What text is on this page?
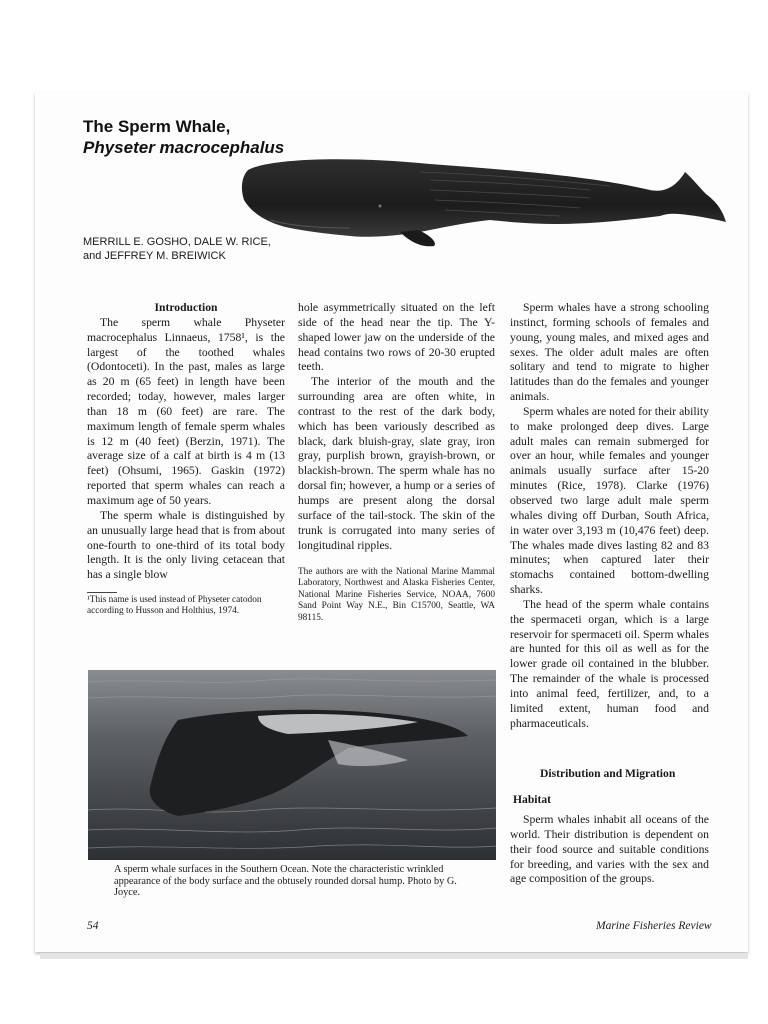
The Sperm Whale,
Physeter macrocephalus
MERRILL E. GOSHO, DALE W. RICE,
and JEFFREY M. BREIWICK

Introduction

The sperm whale Physeter macrocephalus Linnaeus, 1758¹, is the largest of the toothed whales (Odontoceti). In the past, males as large as 20 m (65 feet) in length have been recorded; today, however, males larger than 18 m (60 feet) are rare. The maximum length of female sperm whales is 12 m (40 feet) (Berzin, 1971). The average size of a calf at birth is 4 m (13 feet) (Ohsumi, 1965). Gaskin (1972) reported that sperm whales can reach a maximum age of 50 years.

The sperm whale is distinguished by an unusually large head that is from about one-fourth to one-third of its total body length. It is the only living cetacean that has a single blow

¹This name is used instead of Physeter catodon according to Husson and Holthius, 1974.

hole asymmetrically situated on the left side of the head near the tip. The Y-shaped lower jaw on the underside of the head contains two rows of 20-30 erupted teeth.

The interior of the mouth and the surrounding area are often white, in contrast to the rest of the dark body, which has been variously described as black, dark bluish-gray, slate gray, iron gray, purplish brown, grayish-brown, or blackish-brown. The sperm whale has no dorsal fin; however, a hump or a series of humps are present along the dorsal surface of the tail-stock. The skin of the trunk is corrugated into many series of longitudinal ripples.

The authors are with the National Marine Mammal Laboratory, Northwest and Alaska Fisheries Center, National Marine Fisheries Service, NOAA, 7600 Sand Point Way N.E., Bin C15700, Seattle, WA 98115.

Sperm whales have a strong schooling instinct, forming schools of females and young, young males, and mixed ages and sexes. The older adult males are often solitary and tend to migrate to higher latitudes than do the females and younger animals.

Sperm whales are noted for their ability to make prolonged deep dives. Large adult males can remain submerged for over an hour, while females and younger animals usually surface after 15-20 minutes (Rice, 1978). Clarke (1976) observed two large adult male sperm whales diving off Durban, South Africa, in water over 3,193 m (10,476 feet) deep. The whales made dives lasting 82 and 83 minutes; when captured later their stomachs contained bottom-dwelling sharks.

The head of the sperm whale contains the spermaceti organ, which is a large reservoir for spermaceti oil. Sperm whales are hunted for this oil as well as for the lower grade oil contained in the blubber. The remainder of the whale is processed into animal feed, fertilizer, and, to a limited extent, human food and pharmaceuticals.

Distribution and Migration
Habitat

Sperm whales inhabit all oceans of the world. Their distribution is dependent on their food source and suitable conditions for breeding, and varies with the sex and age composition of the groups.

A sperm whale surfaces in the Southern Ocean. Note the characteristic wrinkled appearance of the body surface and the obtusely rounded dorsal hump. Photo by G. Joyce.
54	Marine Fisheries Review
